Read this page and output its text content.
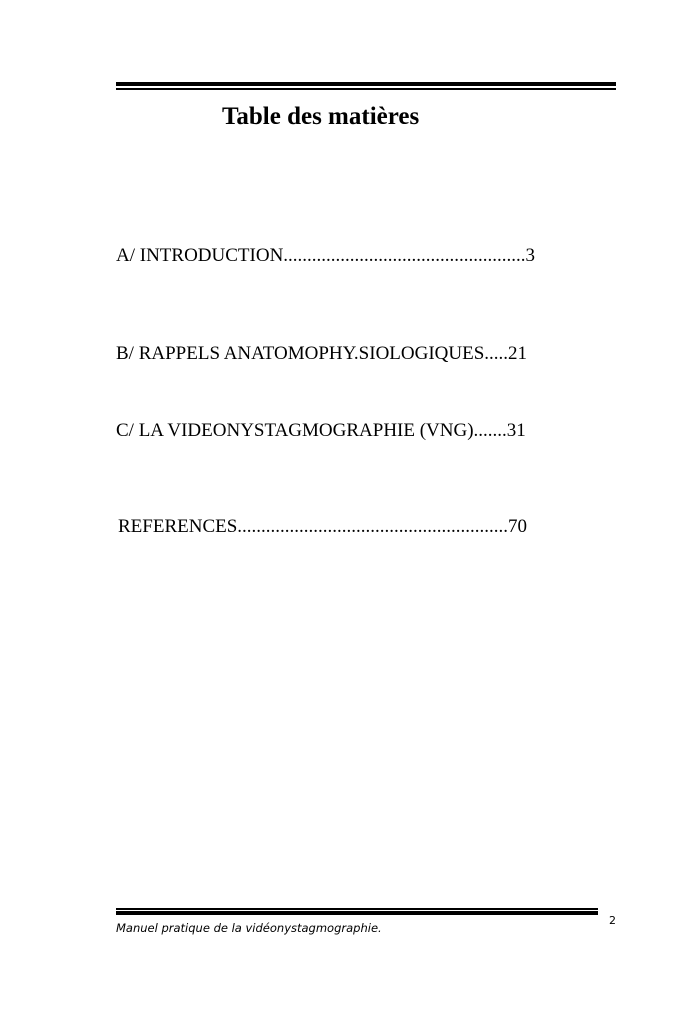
Table des matières
A/ INTRODUCTION...................................................3
B/ RAPPELS ANATOMOPHY.SIOLOGIQUES.....21
C/ LA VIDEONYSTAGMOGRAPHIE (VNG).......31
REFERENCES.........................................................70
Manuel pratique de la vidéonystagmographie.
2
